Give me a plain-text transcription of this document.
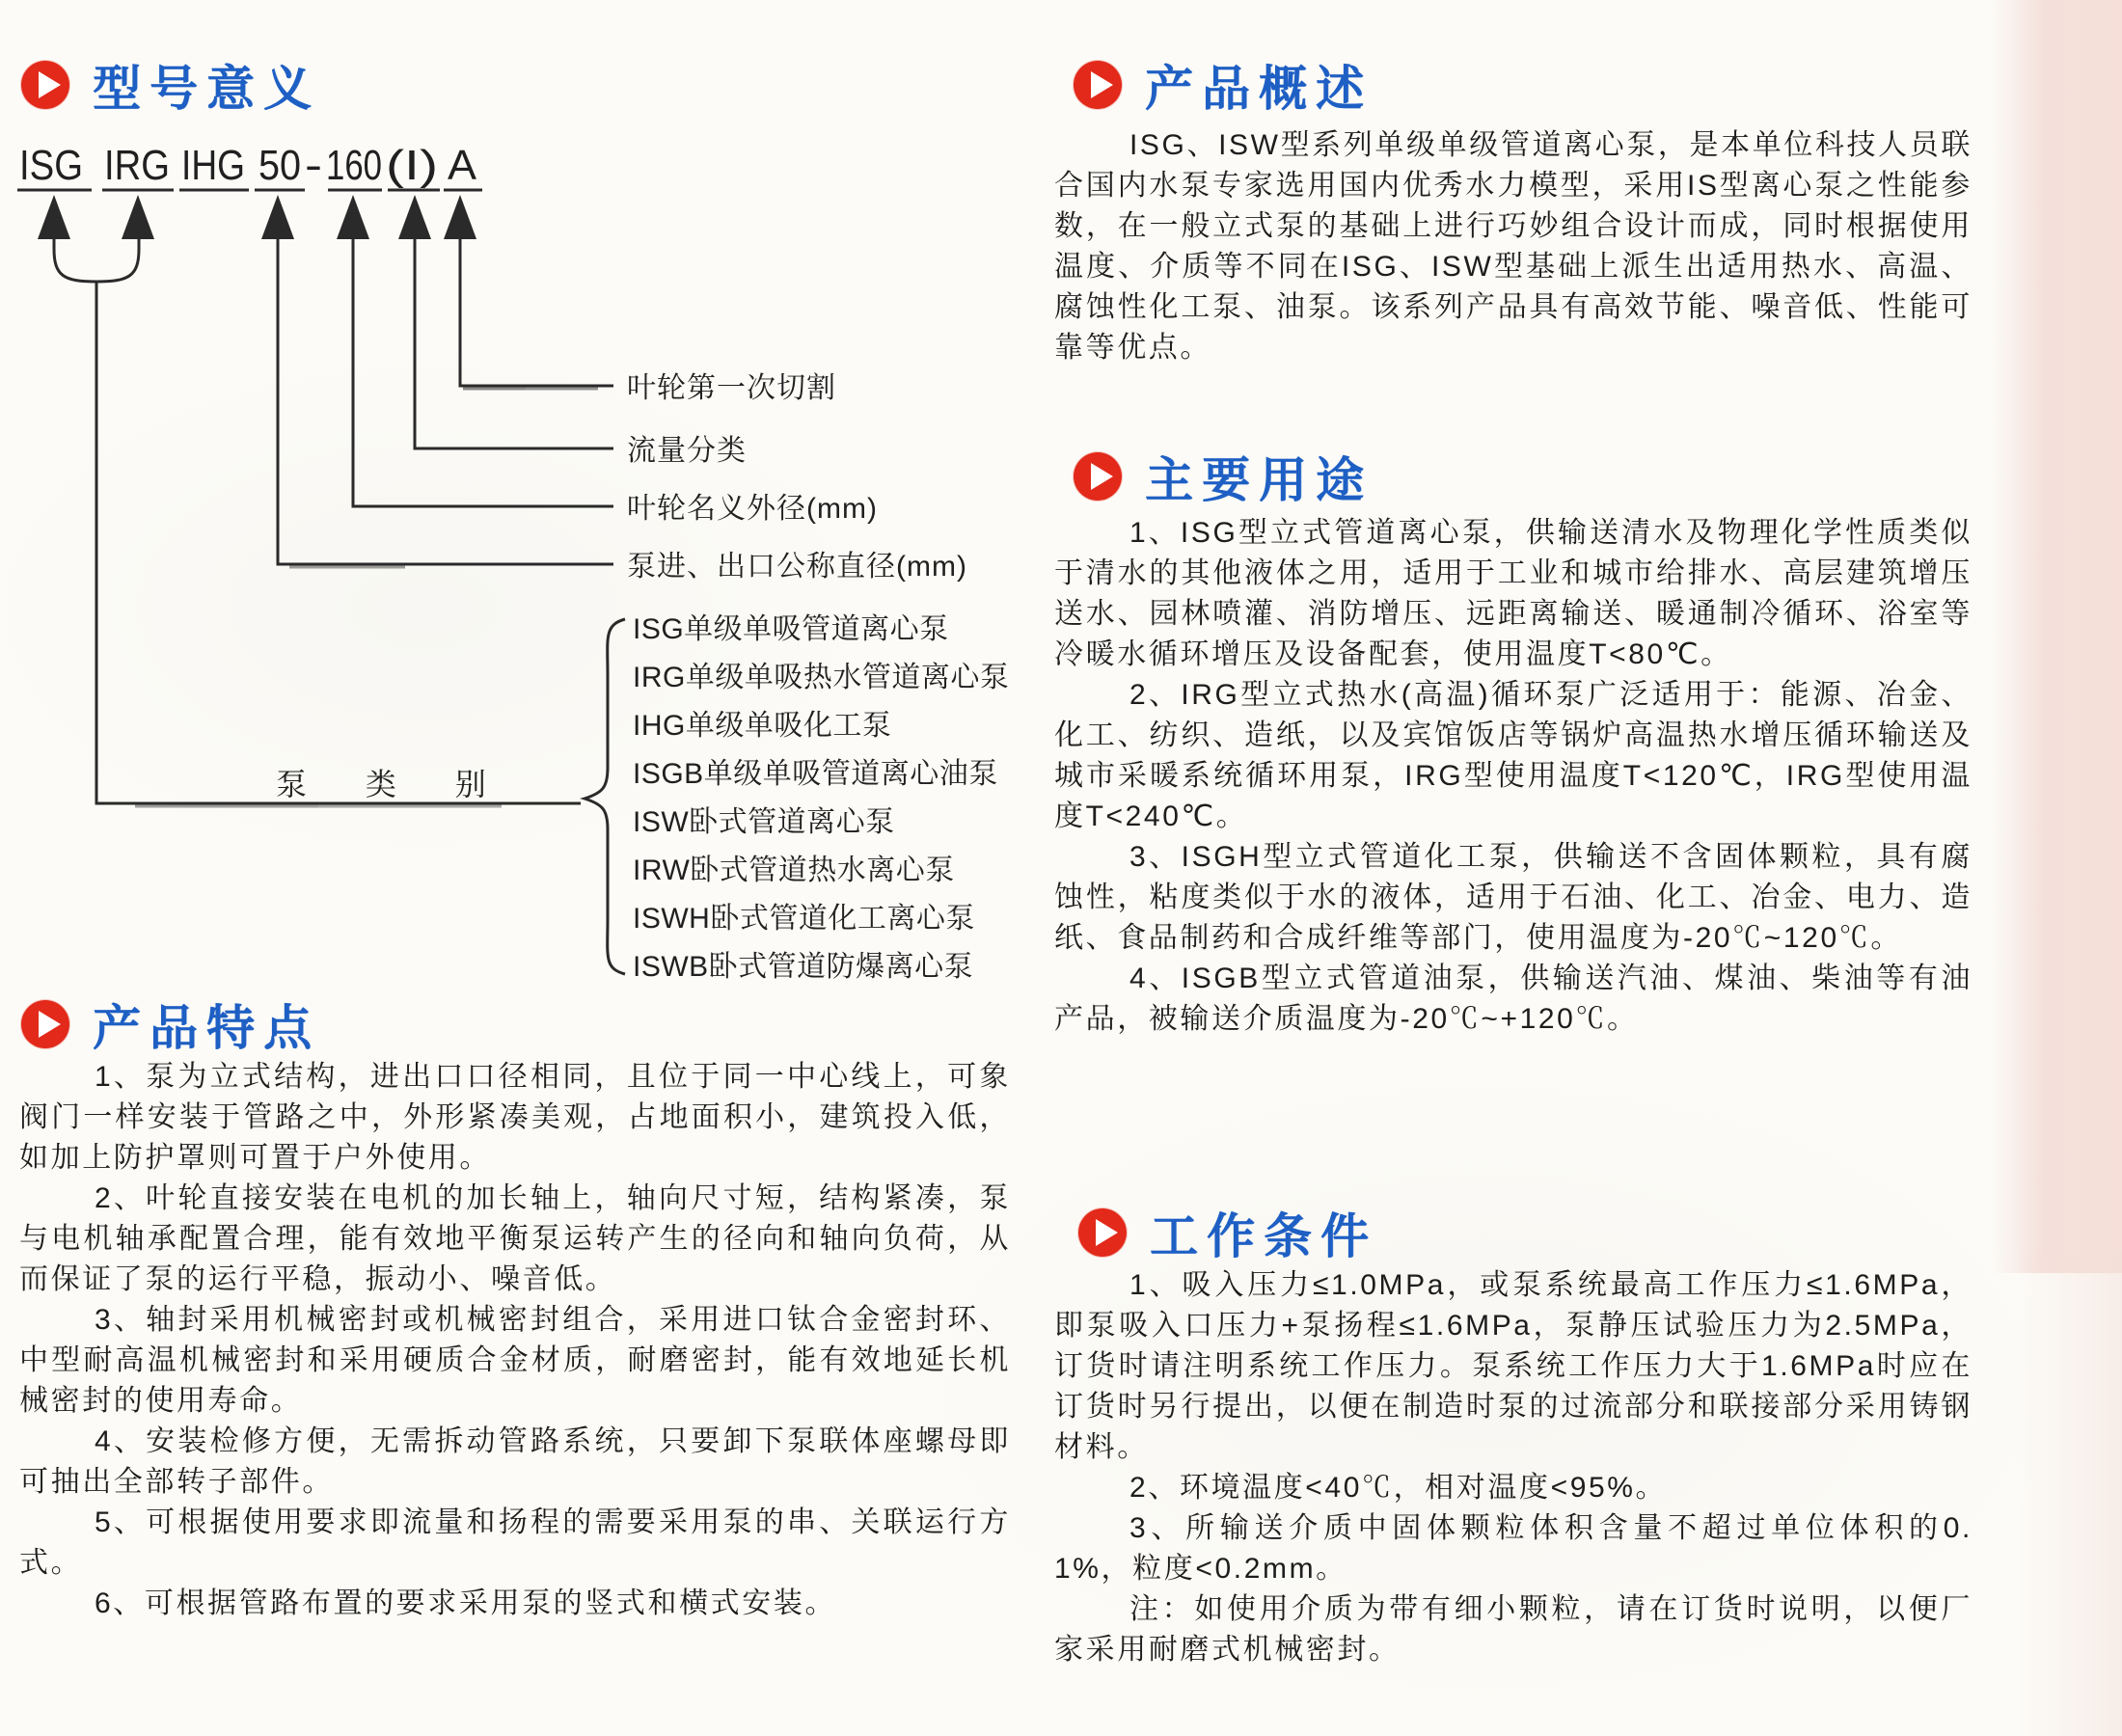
型号意义	产品概述
主要用途
产品特点
工作条件
ISG IRG IHG 50 - 160 (I) A
叶轮第一次切割
流量分类
叶轮名义外径(mm)
泵进、出口公称直径(mm)
泵 类 别
ISG单级单吸管道离心泵
IRG单级单吸热水管道离心泵
IHG单级单吸化工泵
ISGB单级单吸管道离心油泵
ISW卧式管道离心泵
IRW卧式管道热水离心泵
ISWH卧式管道化工离心泵
ISWB卧式管道防爆离心泵

ISG、ISW型系列单级单级管道离心泵，是本单位科技人员联合国内水泵专家选用国内优秀水力模型，采用IS型离心泵之性能参数，在一般立式泵的基础上进行巧妙组合设计而成，同时根据使用温度、介质等不同在ISG、ISW型基础上派生出适用热水、高温、腐蚀性化工泵、油泵。该系列产品具有高效节能、噪音低、性能可靠等优点。

1、ISG型立式管道离心泵，供输送清水及物理化学性质类似于清水的其他液体之用，适用于工业和城市给排水、高层建筑增压送水、园林喷灌、消防增压、远距离输送、暖通制冷循环、浴室等冷暖水循环增压及设备配套，使用温度T<80℃。

2、IRG型立式热水(高温)循环泵广泛适用于：能源、冶金、化工、纺织、造纸，以及宾馆饭店等锅炉高温热水增压循环输送及城市采暖系统循环用泵，IRG型使用温度T<120℃，IRG型使用温度T<240℃。

3、ISGH型立式管道化工泵，供输送不含固体颗粒，具有腐蚀性，粘度类似于水的液体，适用于石油、化工、冶金、电力、造纸、食品制药和合成纤维等部门，使用温度为-20℃~120℃。

4、ISGB型立式管道油泵，供输送汽油、煤油、柴油等有油产品，被输送介质温度为-20℃~+120℃。

1、泵为立式结构，进出口口径相同，且位于同一中心线上，可象阀门一样安装于管路之中，外形紧凑美观，占地面积小，建筑投入低，如加上防护罩则可置于户外使用。

2、叶轮直接安装在电机的加长轴上，轴向尺寸短，结构紧凑，泵与电机轴承配置合理，能有效地平衡泵运转产生的径向和轴向负荷，从而保证了泵的运行平稳，振动小、噪音低。

3、轴封采用机械密封或机械密封组合，采用进口钛合金密封环、中型耐高温机械密封和采用硬质合金材质，耐磨密封，能有效地延长机械密封的使用寿命。

4、安装检修方便，无需拆动管路系统，只要卸下泵联体座螺母即可抽出全部转子部件。

5、可根据使用要求即流量和扬程的需要采用泵的串、关联运行方式。

6、可根据管路布置的要求采用泵的竖式和横式安装。

1、吸入压力≤1.0MPa，或泵系统最高工作压力≤1.6MPa，即泵吸入口压力+泵扬程≤1.6MPa，泵静压试验压力为2.5MPa，订货时请注明系统工作压力。泵系统工作压力大于1.6MPa时应在订货时另行提出，以便在制造时泵的过流部分和联接部分采用铸钢材料。

2、环境温度<40℃，相对温度<95%。

3、所输送介质中固体颗粒体积含量不超过单位体积的0.1%，粒度<0.2mm。

注：如使用介质为带有细小颗粒，请在订货时说明，以便厂家采用耐磨式机械密封。
